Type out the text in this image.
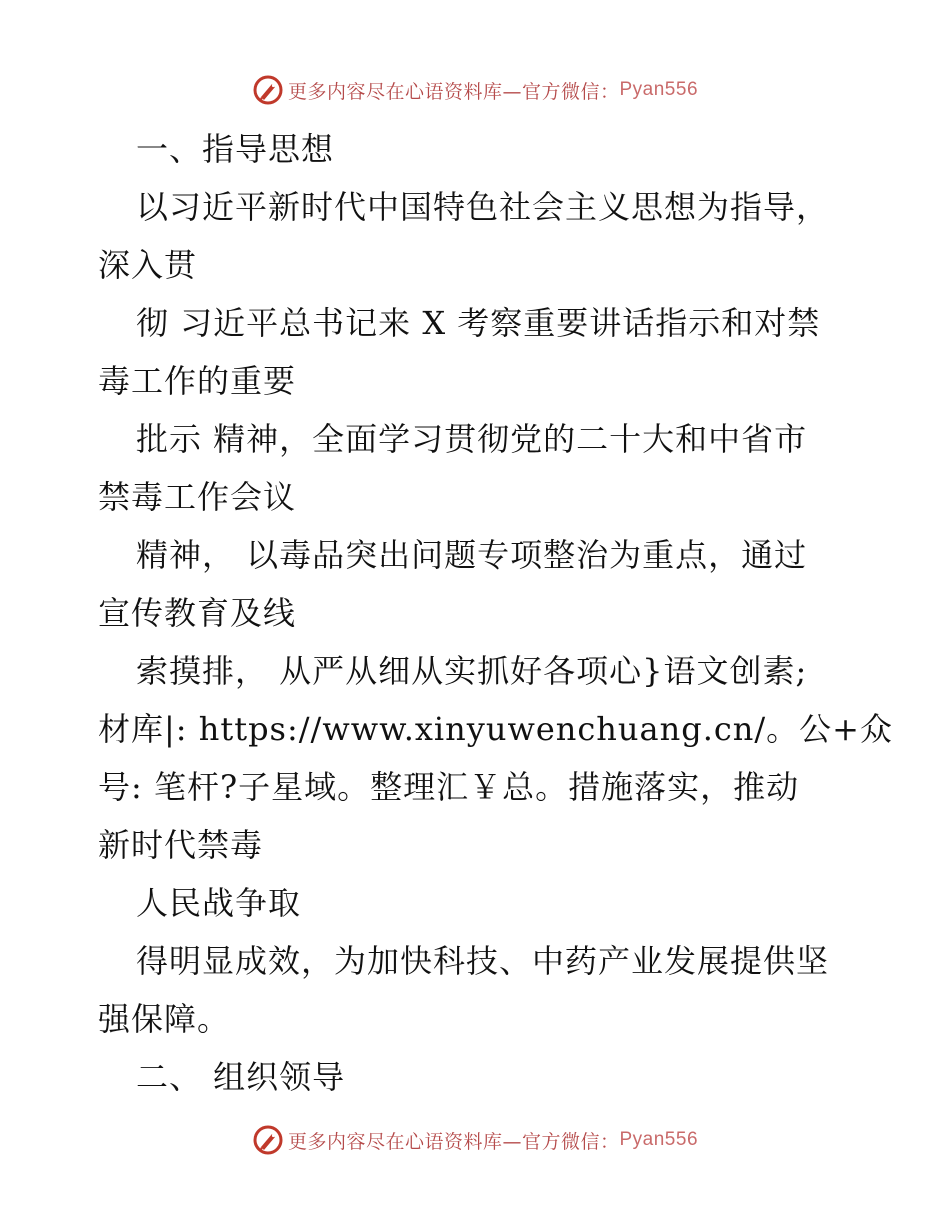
更多内容尽在心语资料库—官方微信： Pyan556
一、指导思想
以习近平新时代中国特色社会主义思想为指导，
深入贯
彻 习近平总书记来 X 考察重要讲话指示和对禁
毒工作的重要
批示 精神，全面学习贯彻党的二十大和中省市
禁毒工作会议
精神， 以毒品突出问题专项整治为重点，通过
宣传教育及线
索摸排， 从严从细从实抓好各项心}语文创素;
材库|: https://www.xinyuwenchuang.cn/。公+众
号: 笔杆?子星域。整理汇￥总。措施落实，推动
新时代禁毒
人民战争取
得明显成效，为加快科技、中药产业发展提供坚
强保障。
二、 组织领导
更多内容尽在心语资料库—官方微信： Pyan556
